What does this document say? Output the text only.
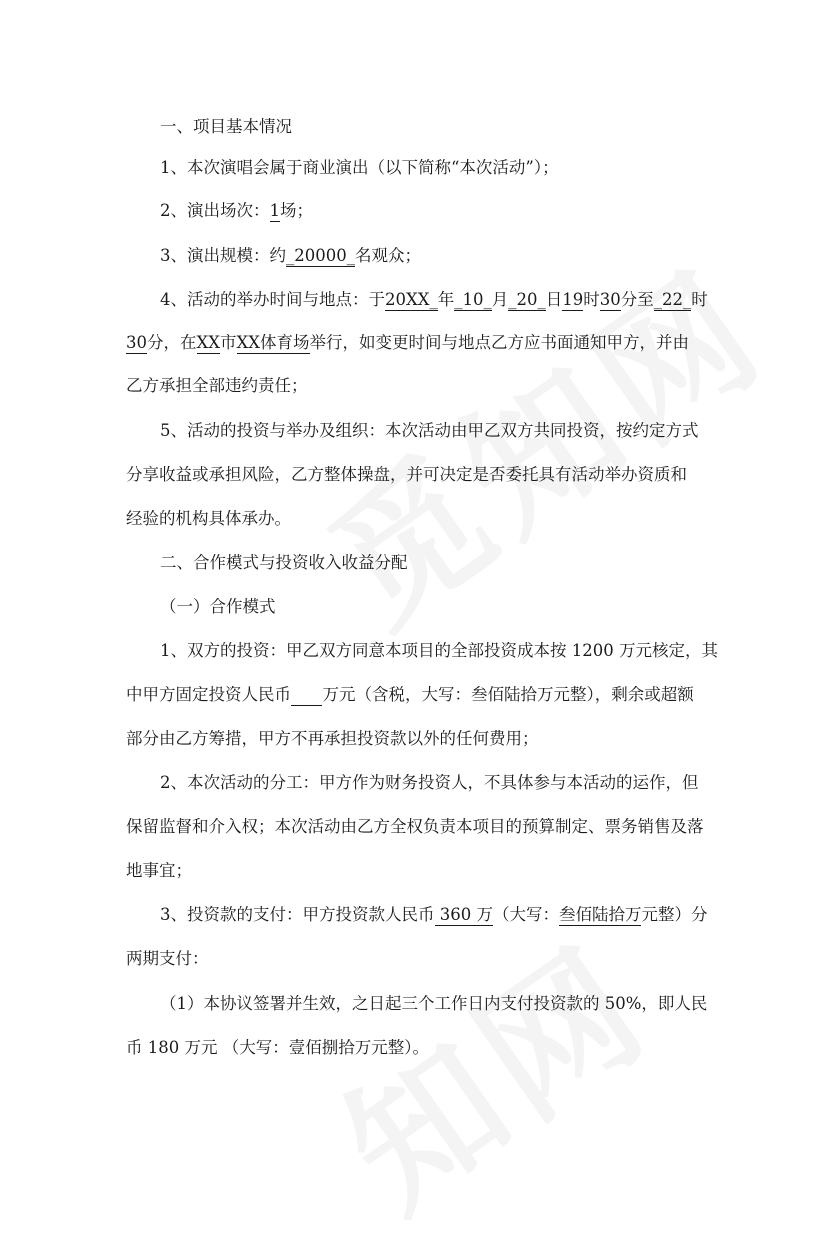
一、项目基本情况
1、本次演唱会属于商业演出（以下简称“本次活动”）；
2、演出场次：1场；
3、演出规模：约_20000_名观众；
4、活动的举办时间与地点：于20XX_年_10_月_20_日19时30分至_22_时
30分，在XX市XX体育场举行，如变更时间与地点乙方应书面通知甲方，并由
乙方承担全部违约责任；
5、活动的投资与举办及组织：本次活动由甲乙双方共同投资，按约定方式
分享收益或承担风险，乙方整体操盘，并可决定是否委托具有活动举办资质和
经验的机构具体承办。
二、合作模式与投资收入收益分配
（一）合作模式
1、双方的投资：甲乙双方同意本项目的全部投资成本按 1200 万元核定，其
中甲方固定投资人民币 万元（含税，大写：叁佰陆拾万元整），剩余或超额
部分由乙方筹措，甲方不再承担投资款以外的任何费用；
2、本次活动的分工：甲方作为财务投资人，不具体参与本活动的运作，但
保留监督和介入权；本次活动由乙方全权负责本项目的预算制定、票务销售及落
地事宜；
3、投资款的支付：甲方投资款人民币 360 万（大写：叁佰陆拾万元整）分
两期支付：
（1）本协议签署并生效，之日起三个工作日内支付投资款的 50%，即人民
币 180 万元 （大写：壹佰捌拾万元整）。
